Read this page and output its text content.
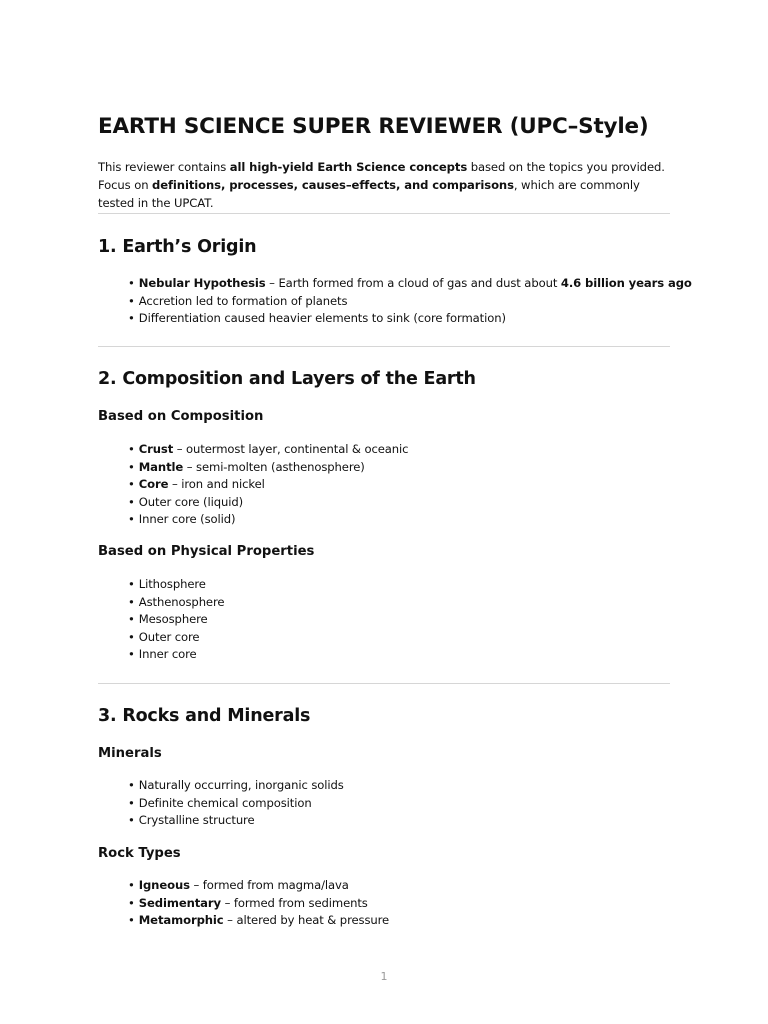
EARTH SCIENCE SUPER REVIEWER (UPC–Style)

This reviewer contains all high-yield Earth Science concepts based on the topics you provided. Focus on definitions, processes, causes–effects, and comparisons, which are commonly tested in the UPCAT.

1. Earth’s Origin
• Nebular Hypothesis – Earth formed from a cloud of gas and dust about 4.6 billion years ago
• Accretion led to formation of planets
• Differentiation caused heavier elements to sink (core formation)
2. Composition and Layers of the Earth
Based on Composition
• Crust – outermost layer, continental & oceanic
• Mantle – semi-molten (asthenosphere)
• Core – iron and nickel
• Outer core (liquid)
• Inner core (solid)
Based on Physical Properties
• Lithosphere
• Asthenosphere
• Mesosphere
• Outer core
• Inner core
3. Rocks and Minerals
Minerals
• Naturally occurring, inorganic solids
• Definite chemical composition
• Crystalline structure
Rock Types
• Igneous – formed from magma/lava
• Sedimentary – formed from sediments
• Metamorphic – altered by heat & pressure
1
